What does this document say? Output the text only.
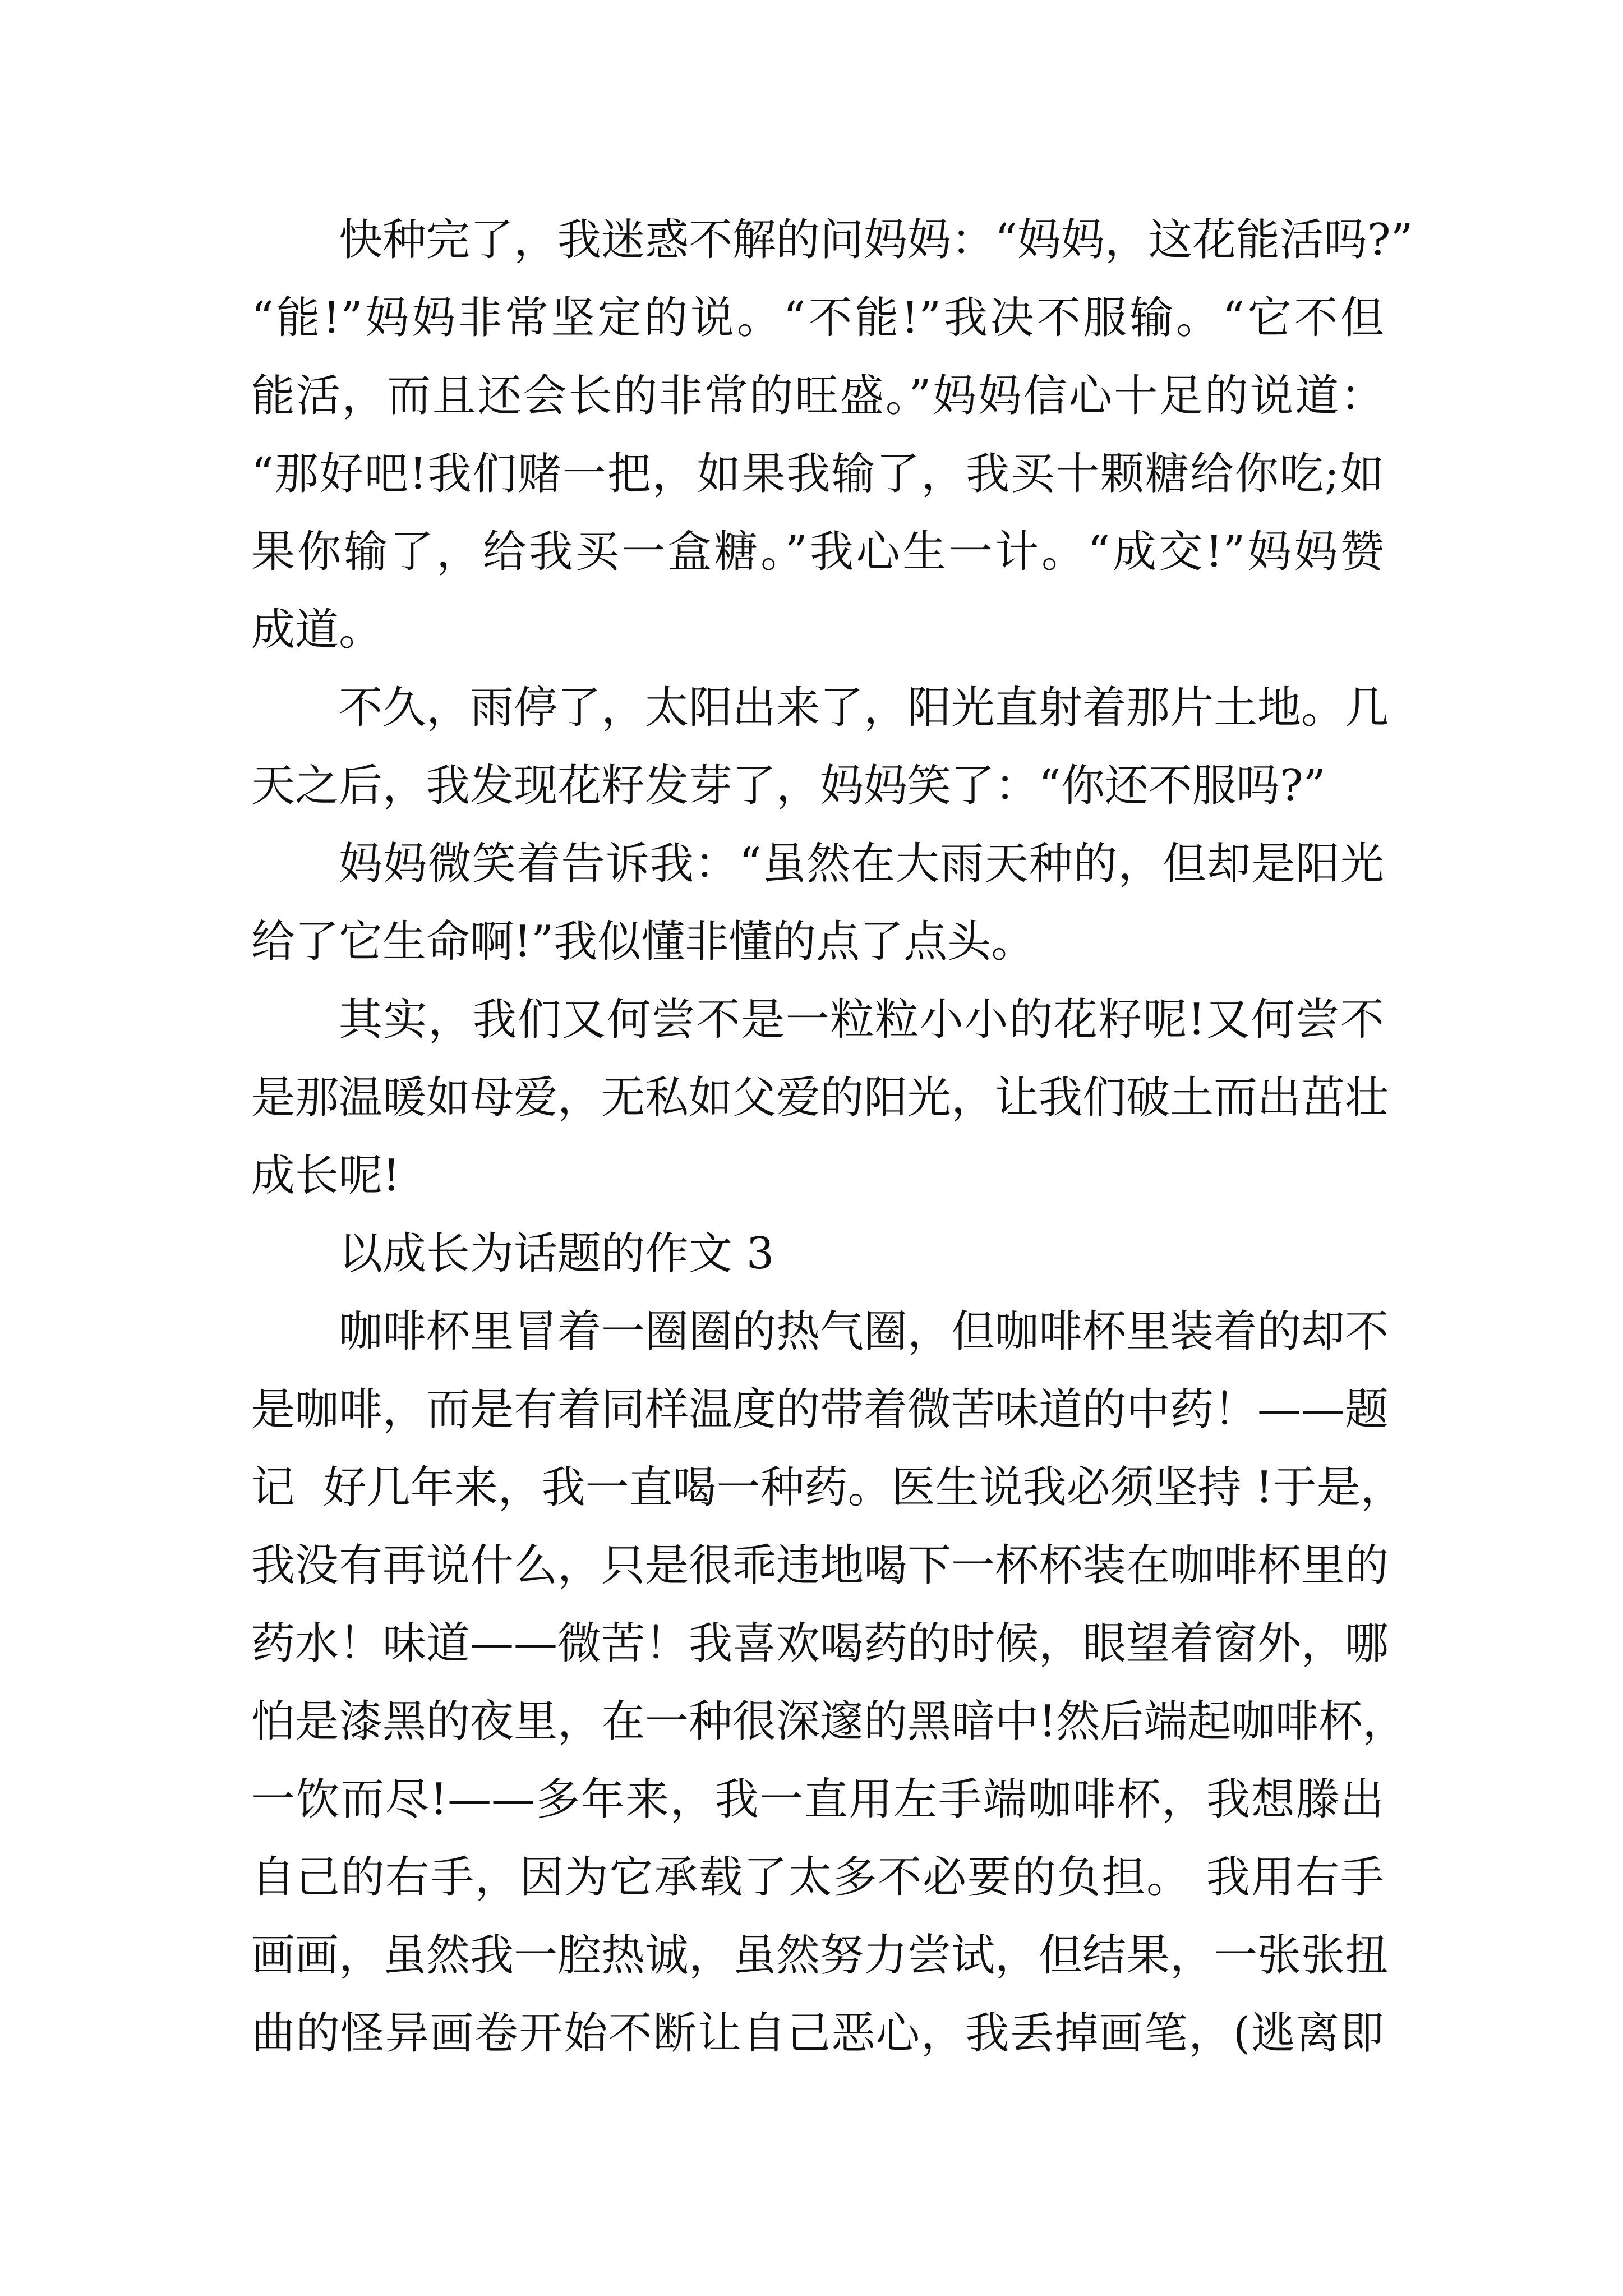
快种完了，我迷惑不解的问妈妈：“妈妈，这花能活吗?”
“能!”妈妈非常坚定的说。“不能!”我决不服输。“它不但
能活，而且还会长的非常的旺盛。”妈妈信心十足的说道：
“那好吧!我们赌一把，如果我输了，我买十颗糖给你吃;如
果你输了，给我买一盒糖。”我心生一计。“成交!”妈妈赞
成道。
不久，雨停了，太阳出来了，阳光直射着那片土地。几
天之后，我发现花籽发芽了，妈妈笑了：“你还不服吗?”
妈妈微笑着告诉我：“虽然在大雨天种的，但却是阳光
给了它生命啊!”我似懂非懂的点了点头。
其实，我们又何尝不是一粒粒小小的花籽呢!又何尝不
是那温暖如母爱，无私如父爱的阳光，让我们破土而出茁壮
成长呢!
以成长为话题的作文 3
咖啡杯里冒着一圈圈的热气圈，但咖啡杯里装着的却不
是咖啡，而是有着同样温度的带着微苦味道的中药！——题
记  好几年来，我一直喝一种药。医生说我必须坚持 !于是，
我没有再说什么，只是很乖违地喝下一杯杯装在咖啡杯里的
药水！味道——微苦！我喜欢喝药的时候，眼望着窗外，哪
怕是漆黑的夜里，在一种很深邃的黑暗中!然后端起咖啡杯，
一饮而尽!——多年来，我一直用左手端咖啡杯，我想滕出
自己的右手，因为它承载了太多不必要的负担。 我用右手
画画，虽然我一腔热诚，虽然努力尝试，但结果，一张张扭
曲的怪异画卷开始不断让自己恶心，我丢掉画笔，(逃离即
